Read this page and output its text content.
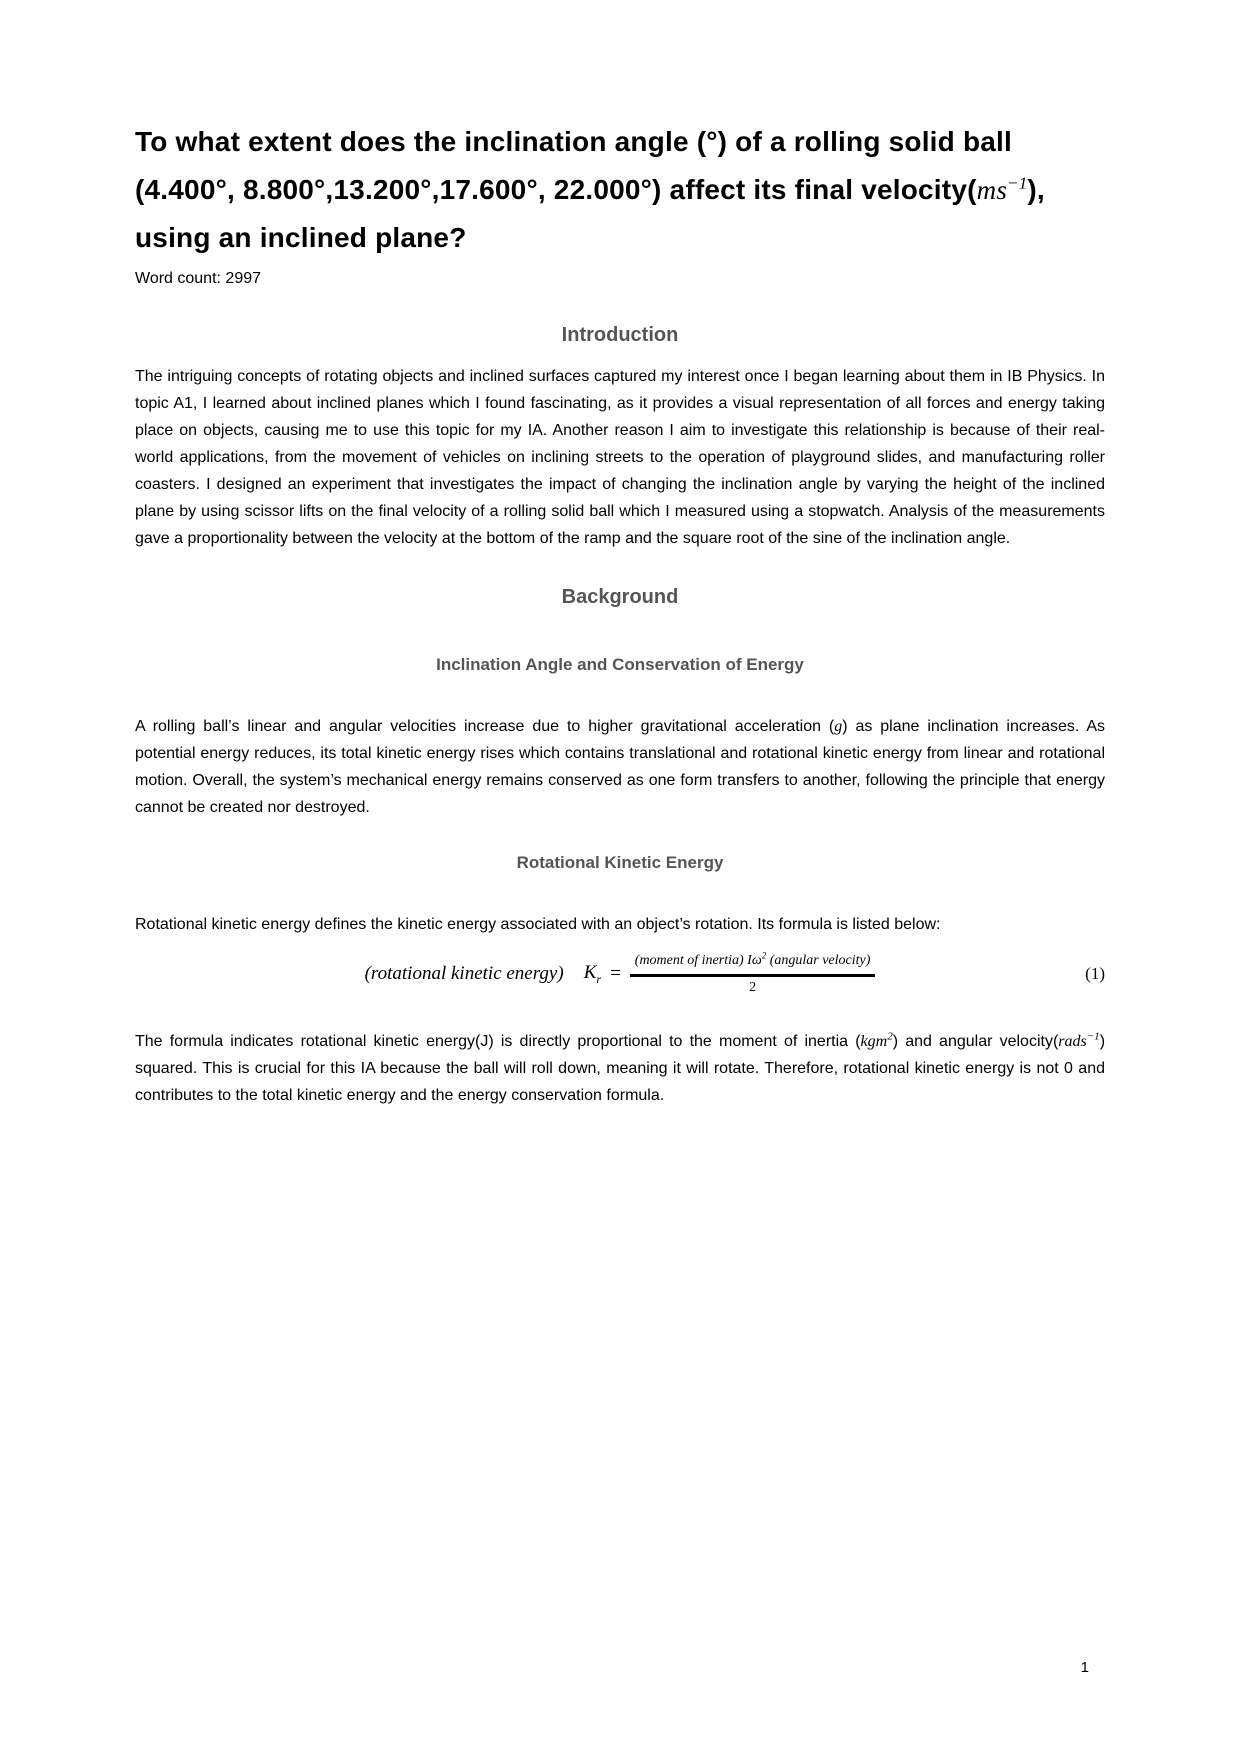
To what extent does the inclination angle (°) of a rolling solid ball (4.400°, 8.800°,13.200°,17.600°, 22.000°) affect its final $velocity(ms^{-1})$, using an inclined plane?
Word count: 2997
Introduction

The intriguing concepts of rotating objects and inclined surfaces captured my interest once I began learning about them in IB Physics. In topic A1, I learned about inclined planes which I found fascinating, as it provides a visual representation of all forces and energy taking place on objects, causing me to use this topic for my IA. Another reason I aim to investigate this relationship is because of their real-world applications, from the movement of vehicles on inclining streets to the operation of playground slides, and manufacturing roller coasters. I designed an experiment that investigates the impact of changing the inclination angle by varying the height of the inclined plane by using scissor lifts on the final velocity of a rolling solid ball which I measured using a stopwatch. Analysis of the measurements gave a proportionality between the velocity at the bottom of the ramp and the square root of the sine of the inclination angle.

Background
Inclination Angle and Conservation of Energy

A rolling ball’s linear and angular velocities increase due to higher gravitational acceleration (g) as plane inclination increases. As potential energy reduces, its total kinetic energy rises which contains translational and rotational kinetic energy from linear and rotational motion. Overall, the system’s mechanical energy remains conserved as one form transfers to another, following the principle that energy cannot be created nor destroyed.

Rotational Kinetic Energy

Rotational kinetic energy defines the kinetic energy associated with an object’s rotation. Its formula is listed below:

(rotational kinetic energy) $K_r = \frac{(moment of inertia) I\omega^2 (angular velocity)}{2}$	(1)

The formula indicates rotational kinetic energy(J) is directly proportional to the moment of inertia (kgm$^2$) and angular velocity(rads$^{-1}$) squared. This is crucial for this IA because the ball will roll down, meaning it will rotate. Therefore, rotational kinetic energy is not 0 and contributes to the total kinetic energy and the energy conservation formula.

1
